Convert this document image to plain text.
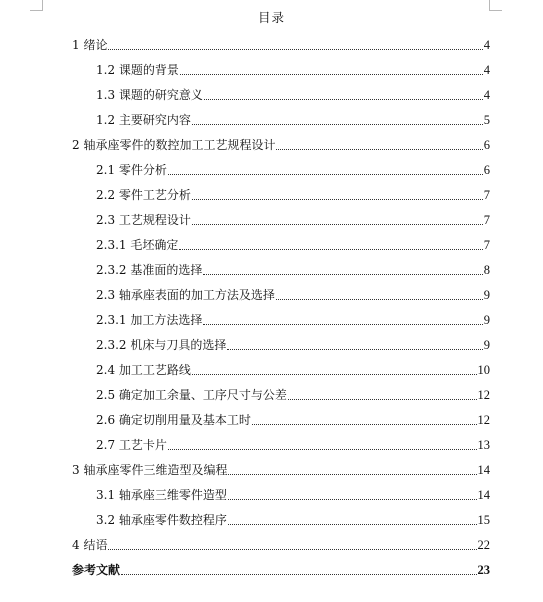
目录
1 绪论	4
1.2 课题的背景	4
1.3 课题的研究意义	4
1.2 主要研究内容	5
2 轴承座零件的数控加工工艺规程设计	6
2.1 零件分析	6
2.2 零件工艺分析	7
2.3 工艺规程设计	7
2.3.1 毛坯确定	7
2.3.2 基准面的选择	8
2.3 轴承座表面的加工方法及选择	9
2.3.1 加工方法选择	9
2.3.2 机床与刀具的选择	9
2.4 加工工艺路线	10
2.5 确定加工余量、工序尺寸与公差	12
2.6 确定切削用量及基本工时	12
2.7 工艺卡片	13
3 轴承座零件三维造型及编程	14
3.1 轴承座三维零件造型	14
3.2 轴承座零件数控程序	15
4 结语	22
参考文献	23
